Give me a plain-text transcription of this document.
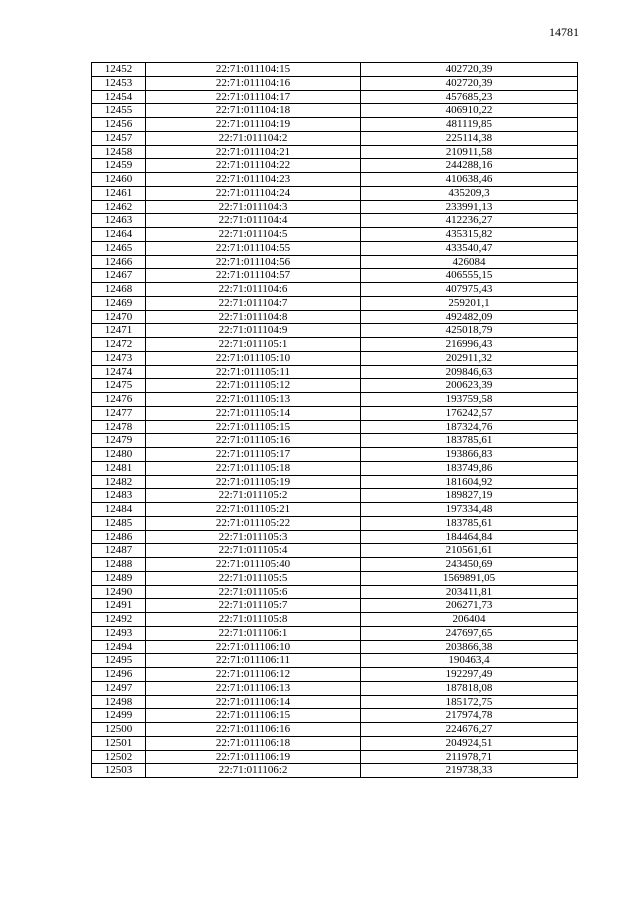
14781
12452	22:71:011104:15	402720,39
12453	22:71:011104:16	402720,39
12454	22:71:011104:17	457685,23
12455	22:71:011104:18	406910,22
12456	22:71:011104:19	481119,85
12457	22:71:011104:2	225114,38
12458	22:71:011104:21	210911,58
12459	22:71:011104:22	244288,16
12460	22:71:011104:23	410638,46
12461	22:71:011104:24	435209,3
12462	22:71:011104:3	233991,13
12463	22:71:011104:4	412236,27
12464	22:71:011104:5	435315,82
12465	22:71:011104:55	433540,47
12466	22:71:011104:56	426084
12467	22:71:011104:57	406555,15
12468	22:71:011104:6	407975,43
12469	22:71:011104:7	259201,1
12470	22:71:011104:8	492482,09
12471	22:71:011104:9	425018,79
12472	22:71:011105:1	216996,43
12473	22:71:011105:10	202911,32
12474	22:71:011105:11	209846,63
12475	22:71:011105:12	200623,39
12476	22:71:011105:13	193759,58
12477	22:71:011105:14	176242,57
12478	22:71:011105:15	187324,76
12479	22:71:011105:16	183785,61
12480	22:71:011105:17	193866,83
12481	22:71:011105:18	183749,86
12482	22:71:011105:19	181604,92
12483	22:71:011105:2	189827,19
12484	22:71:011105:21	197334,48
12485	22:71:011105:22	183785,61
12486	22:71:011105:3	184464,84
12487	22:71:011105:4	210561,61
12488	22:71:011105:40	243450,69
12489	22:71:011105:5	1569891,05
12490	22:71:011105:6	203411,81
12491	22:71:011105:7	206271,73
12492	22:71:011105:8	206404
12493	22:71:011106:1	247697,65
12494	22:71:011106:10	203866,38
12495	22:71:011106:11	190463,4
12496	22:71:011106:12	192297,49
12497	22:71:011106:13	187818,08
12498	22:71:011106:14	185172,75
12499	22:71:011106:15	217974,78
12500	22:71:011106:16	224676,27
12501	22:71:011106:18	204924,51
12502	22:71:011106:19	211978,71
12503	22:71:011106:2	219738,33
